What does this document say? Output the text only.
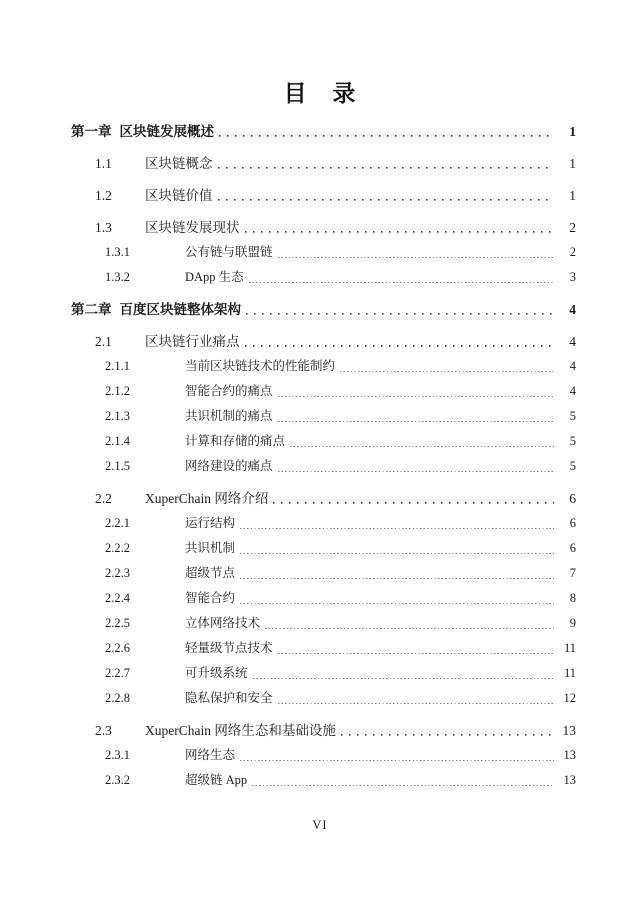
目 录
第一章 区块链发展概述	1
1.1	区块链概念	1
1.2	区块链价值	1
1.3	区块链发展现状	2
1.3.1	公有链与联盟链	2
1.3.2	DApp 生态	3
第二章 百度区块链整体架构	4
2.1	区块链行业痛点	4
2.1.1	当前区块链技术的性能制约	4
2.1.2	智能合约的痛点	4
2.1.3	共识机制的痛点	5
2.1.4	计算和存储的痛点	5
2.1.5	网络建设的痛点	5
2.2	XuperChain 网络介绍	6
2.2.1	运行结构	6
2.2.2	共识机制	6
2.2.3	超级节点	7
2.2.4	智能合约	8
2.2.5	立体网络技术	9
2.2.6	轻量级节点技术	11
2.2.7	可升级系统	11
2.2.8	隐私保护和安全	12
2.3	XuperChain 网络生态和基础设施	13
2.3.1	网络生态	13
2.3.2	超级链 App	13
VI
